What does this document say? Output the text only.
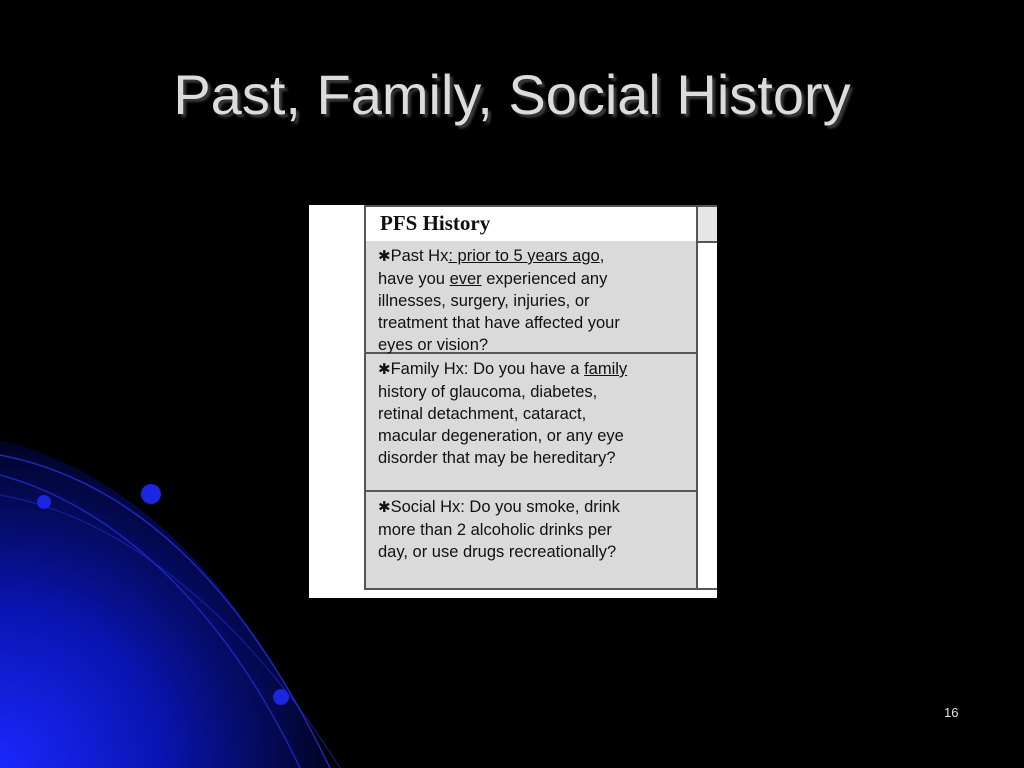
Past, Family, Social History
PFS History
✱Past Hx: prior to 5 years ago,
have you ever experienced any
illnesses, surgery, injuries, or
treatment that have affected your
eyes or vision?
✱Family Hx: Do you have a family
history of glaucoma, diabetes,
retinal detachment, cataract,
macular degeneration, or any eye
disorder that may be hereditary?
✱Social Hx: Do you smoke, drink
more than 2 alcoholic drinks per
day, or use drugs recreationally?
16
